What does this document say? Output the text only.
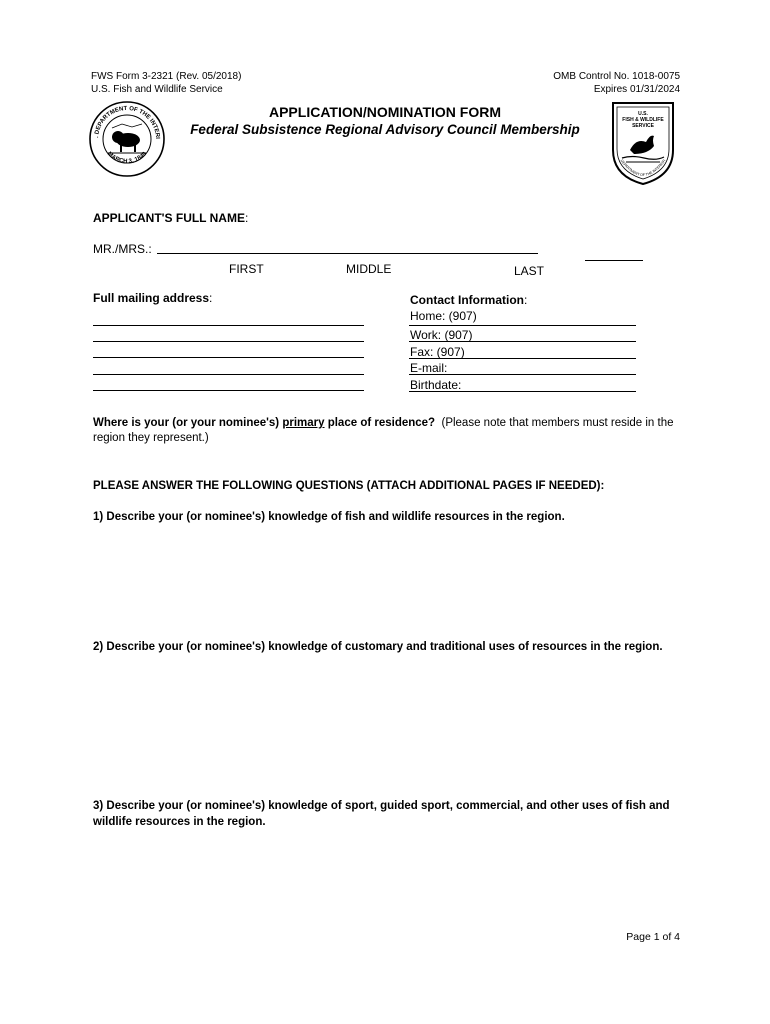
FWS Form 3-2321 (Rev. 05/2018)
U.S. Fish and Wildlife Service
OMB Control No. 1018-0075
Expires 01/31/2024
. DEPARTMENT OF THE INTERI
MARCH 3, 1849
U.S.
FISH & WILDLIFE
SERVICE
DEPARTMENT OF THE INTERIOR
APPLICATION/NOMINATION FORM
Federal Subsistence Regional Advisory Council Membership
APPLICANT'S FULL NAME:
MR./MRS.:
FIRST	MIDDLE	LAST
Full mailing address:	Contact Information:
Home: (907)
Work: (907)
Fax: (907)
E-mail:
Birthdate:
Where is your (or your nominee's) primary place of residence? (Please note that members must reside in the region they represent.)
PLEASE ANSWER THE FOLLOWING QUESTIONS (ATTACH ADDITIONAL PAGES IF NEEDED):
1) Describe your (or nominee's) knowledge of fish and wildlife resources in the region.
2) Describe your (or nominee's) knowledge of customary and traditional uses of resources in the region.
3) Describe your (or nominee's) knowledge of sport, guided sport, commercial, and other uses of fish and wildlife resources in the region.
Page 1 of 4
